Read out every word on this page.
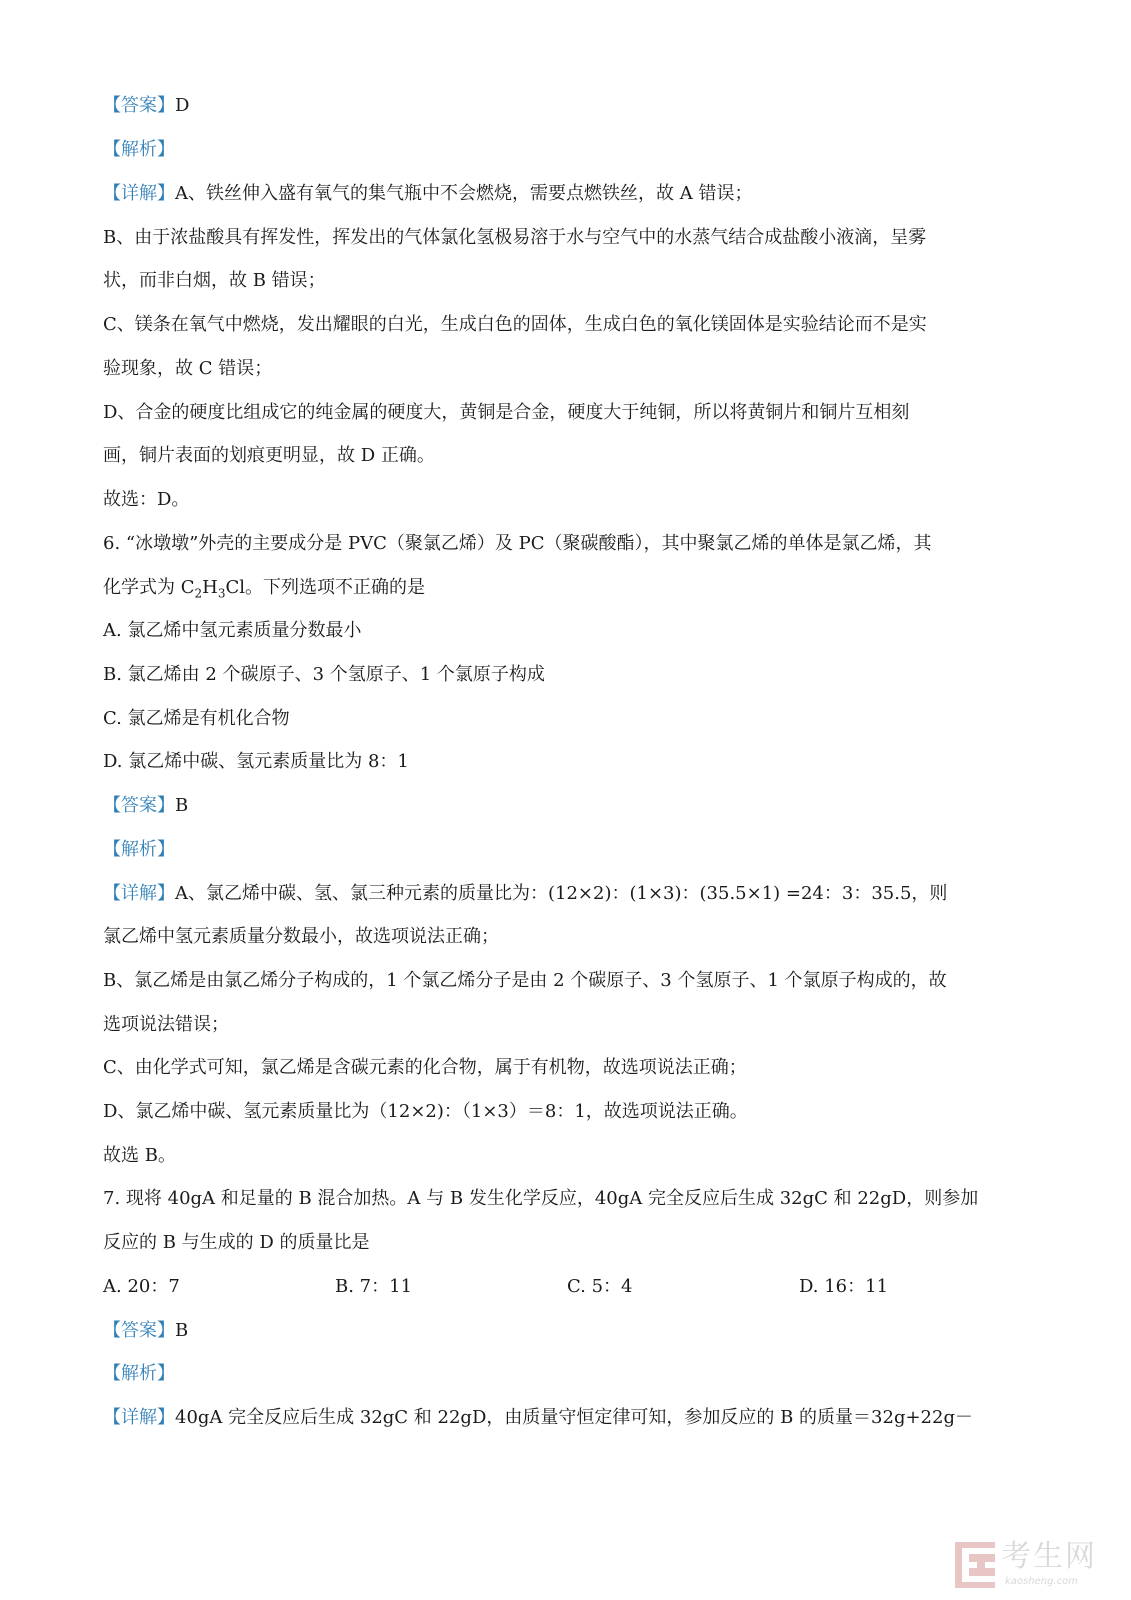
【答案】D

【解析】

【详解】A、铁丝伸入盛有氧气的集气瓶中不会燃烧，需要点燃铁丝，故 A 错误；

B、由于浓盐酸具有挥发性，挥发出的气体氯化氢极易溶于水与空气中的水蒸气结合成盐酸小液滴，呈雾

状，而非白烟，故 B 错误；

C、镁条在氧气中燃烧，发出耀眼的白光，生成白色的固体，生成白色的氧化镁固体是实验结论而不是实

验现象，故 C 错误；

D、合金的硬度比组成它的纯金属的硬度大，黄铜是合金，硬度大于纯铜，所以将黄铜片和铜片互相刻

画，铜片表面的划痕更明显，故 D 正确。

故选：D。

6. “冰墩墩”外壳的主要成分是 PVC（聚氯乙烯）及 PC（聚碳酸酯），其中聚氯乙烯的单体是氯乙烯，其

化学式为 $C_2H_3Cl$。下列选项不正确的是

A. 氯乙烯中氢元素质量分数最小

B. 氯乙烯由 2 个碳原子、3 个氢原子、1 个氯原子构成

C. 氯乙烯是有机化合物

D. 氯乙烯中碳、氢元素质量比为 8：1

【答案】B

【解析】

【详解】A、氯乙烯中碳、氢、氯三种元素的质量比为：(12×2)：(1×3)：(35.5×1) =24：3：35.5，则

氯乙烯中氢元素质量分数最小，故选项说法正确；

B、氯乙烯是由氯乙烯分子构成的，1 个氯乙烯分子是由 2 个碳原子、3 个氢原子、1 个氯原子构成的，故

选项说法错误；

C、由化学式可知，氯乙烯是含碳元素的化合物，属于有机物，故选项说法正确；

D、氯乙烯中碳、氢元素质量比为（12×2)：（1×3）＝8：1，故选项说法正确。

故选 B。

7. 现将 40gA 和足量的 B 混合加热。A 与 B 发生化学反应，40gA 完全反应后生成 32gC 和 22gD，则参加

反应的 B 与生成的 D 的质量比是

A. 20：7	B. 7：11	C. 5：4	D. 16：11

【答案】B

【解析】

【详解】40gA 完全反应后生成 32gC 和 22gD，由质量守恒定律可知，参加反应的 B 的质量＝32g+22g－

考生网
kaosheng.com
